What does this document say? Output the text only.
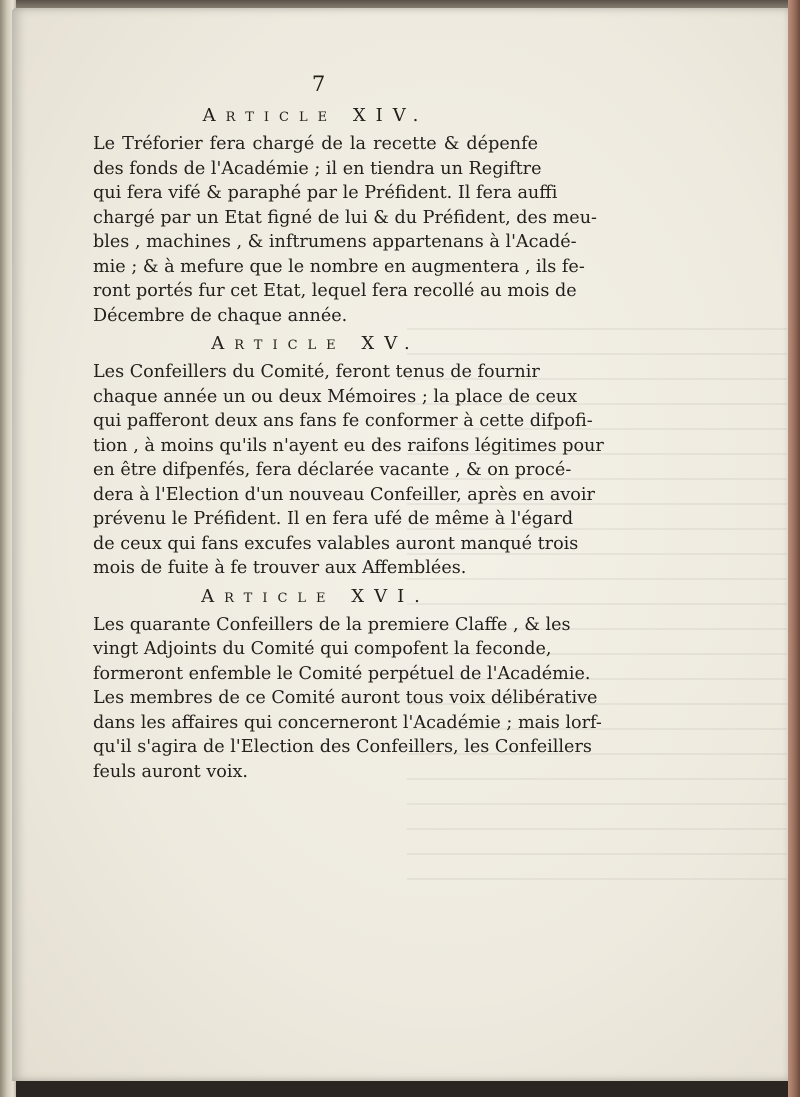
7
Article XIV.
Le Tréforier fera chargé de la recette & dépenfe
des fonds de l'Académie ; il en tiendra un Regiftre
qui fera vifé & paraphé par le Préfident. Il fera auffi
chargé par un Etat figné de lui & du Préfident, des meu-
bles , machines , & inftrumens appartenans à l'Acadé-
mie ; & à mefure que le nombre en augmentera , ils fe-
ront portés fur cet Etat, lequel fera recollé au mois de
Décembre de chaque année.
Article XV.
Les Confeillers du Comité, feront tenus de fournir
chaque année un ou deux Mémoires ; la place de ceux
qui pafferont deux ans fans fe conformer à cette difpofi-
tion , à moins qu'ils n'ayent eu des raifons légitimes pour
en être difpenfés, fera déclarée vacante , & on procé-
dera à l'Election d'un nouveau Confeiller, après en avoir
prévenu le Préfident. Il en fera ufé de même à l'égard
de ceux qui fans excufes valables auront manqué trois
mois de fuite à fe trouver aux Affemblées.
Article XVI.
Les quarante Confeillers de la premiere Claffe , & les
vingt Adjoints du Comité qui compofent la feconde,
formeront enfemble le Comité perpétuel de l'Académie.
Les membres de ce Comité auront tous voix délibérative
dans les affaires qui concerneront l'Académie ; mais lorf-
qu'il s'agira de l'Election des Confeillers, les Confeillers
feuls auront voix.
